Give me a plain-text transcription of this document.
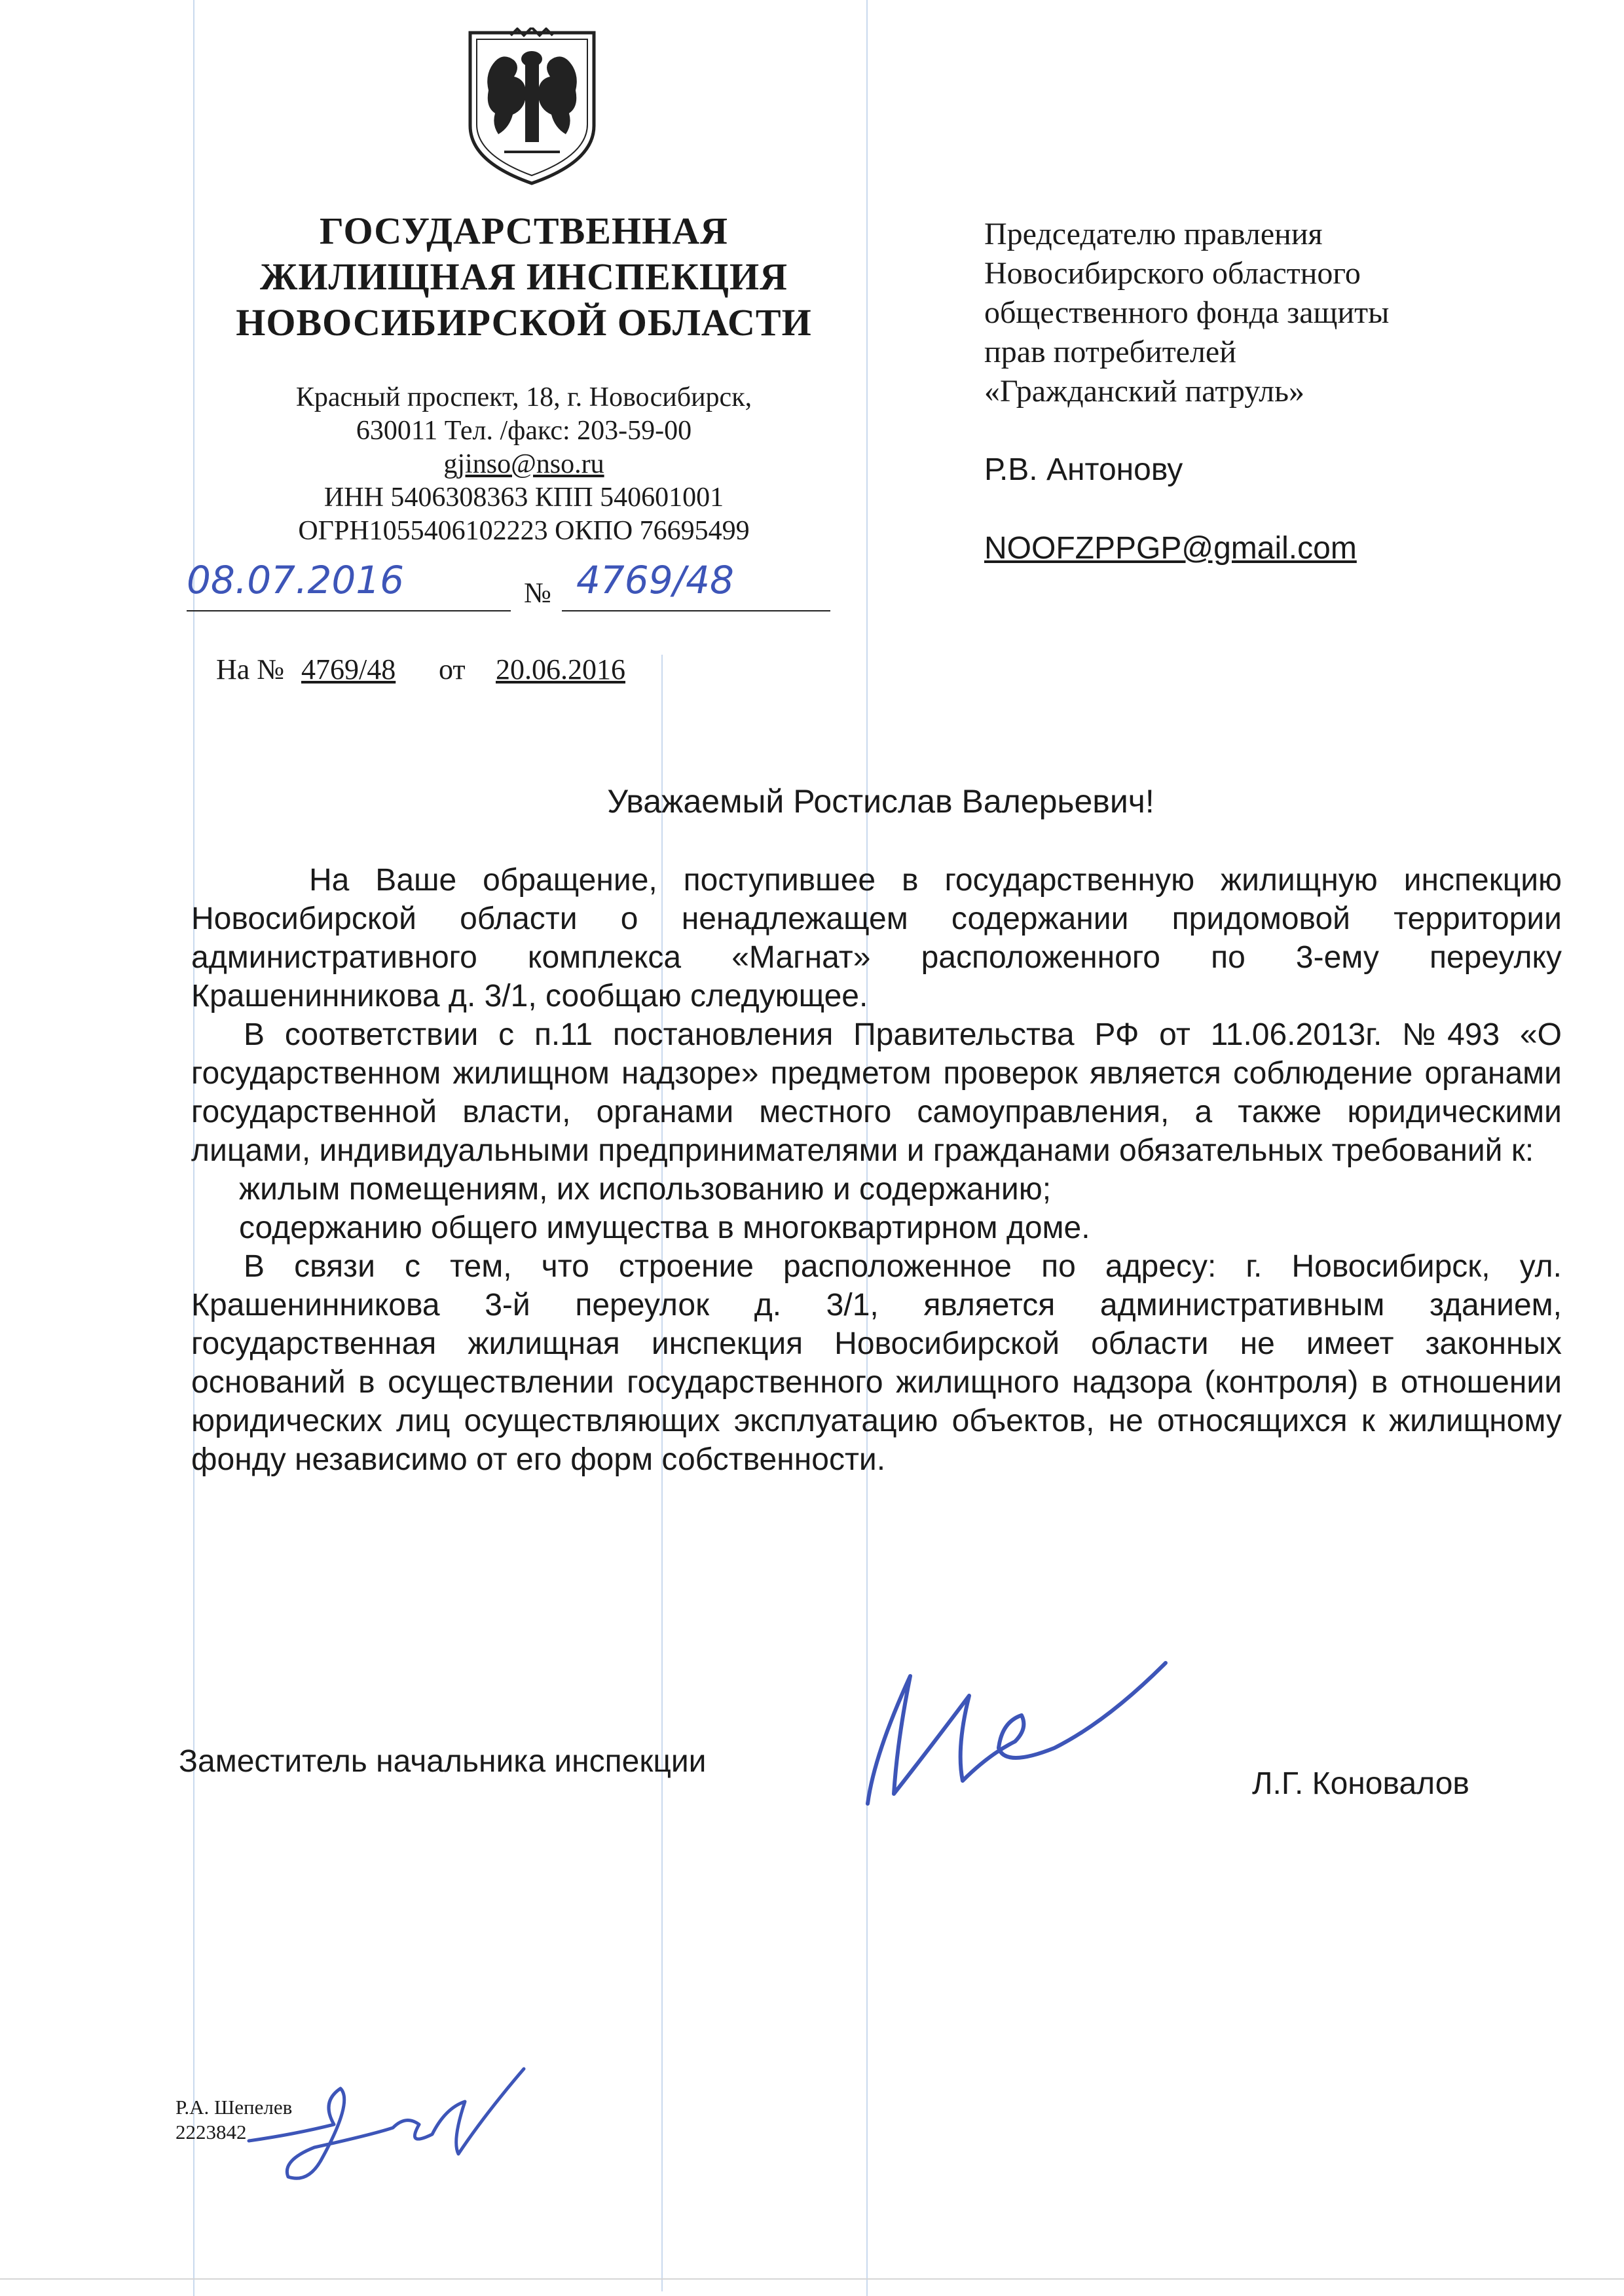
ГОСУДАРСТВЕННАЯ
ЖИЛИЩНАЯ ИНСПЕКЦИЯ
НОВОСИБИРСКОЙ ОБЛАСТИ
Красный проспект, 18, г. Новосибирск,
630011 Тел. /факс: 203-59-00
gjinso@nso.ru
ИНН 5406308363 КПП 540601001
ОГРН1055406102223 ОКПО 76695499
08.07.2016	№ 4769/48
На № 4769/48 от 20.06.2016
Председателю правления
Новосибирского областного
общественного фонда защиты
прав потребителей
«Гражданский патруль»
Р.В. Антонову
NOOFZPPGP@gmail.com
Уважаемый Ростислав Валерьевич!

На Ваше обращение, поступившее в государственную жилищную инспекцию Новосибирской области о ненадлежащем содержании придомовой территории административного комплекса «Магнат» расположенного по 3-ему переулку Крашенинникова д. 3/1, сообщаю следующее.

В соответствии с п.11 постановления Правительства РФ от 11.06.2013г. №493 «О государственном жилищном надзоре» предметом проверок является соблюдение органами государственной власти, органами местного самоуправления, а также юридическими лицами, индивидуальными предпринимателями и гражданами обязательных требований к:

жилым помещениям, их использованию и содержанию;

содержанию общего имущества в многоквартирном доме.

В связи с тем, что строение расположенное по адресу: г. Новосибирск, ул. Крашенинникова 3-й переулок д. 3/1, является административным зданием, государственная жилищная инспекция Новосибирской области не имеет законных оснований в осуществлении государственного жилищного надзора (контроля) в отношении юридических лиц осуществляющих эксплуатацию объектов, не относящихся к жилищному фонду независимо от его форм собственности.

Заместитель начальника инспекции
Л.Г. Коновалов
Р.А. Шепелев
2223842
